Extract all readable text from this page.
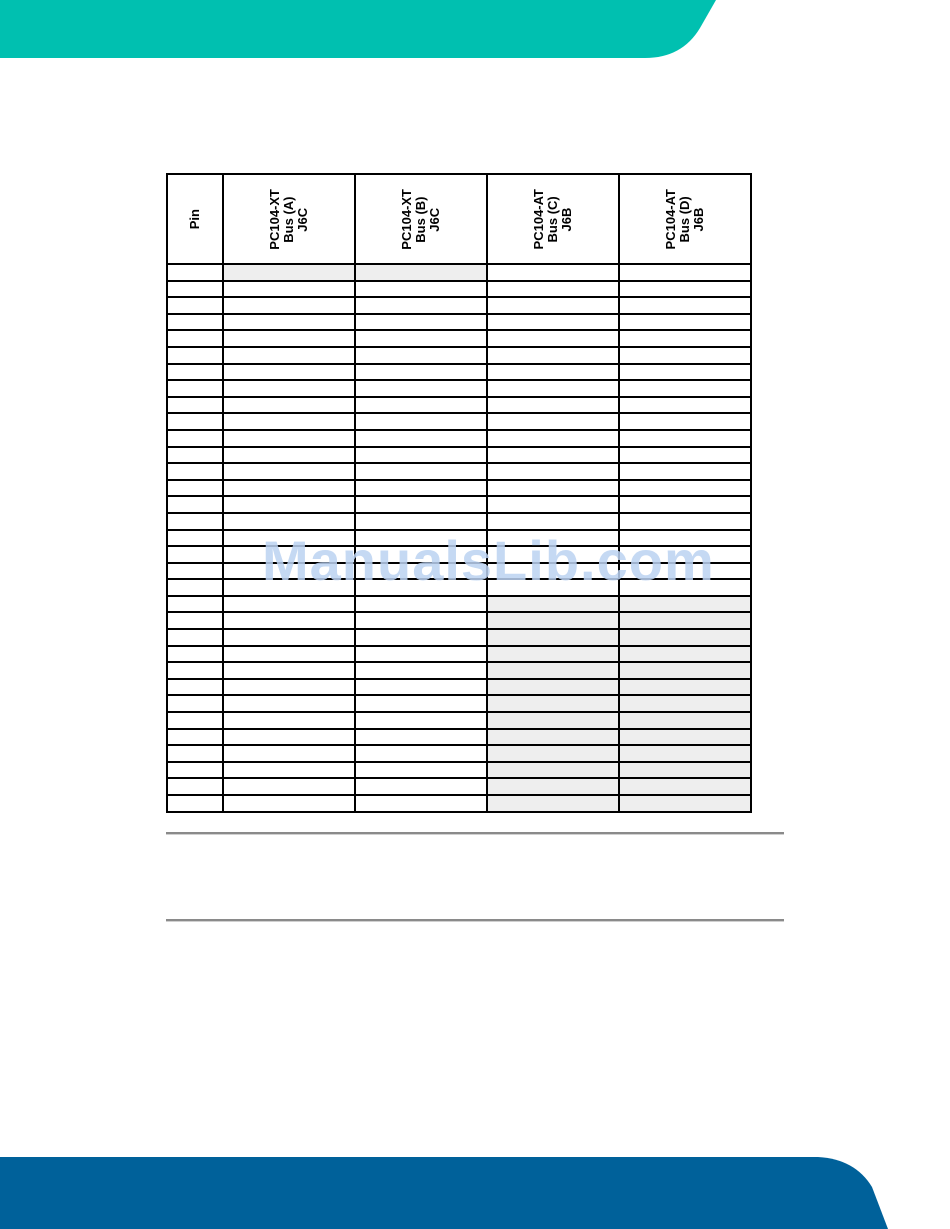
Pin	PC104-XT Bus (A) J6C	PC104-XT Bus (B) J6C	PC104-AT Bus (C) J6B	PC104-AT Bus (D) J6B

ManualsLib.com
